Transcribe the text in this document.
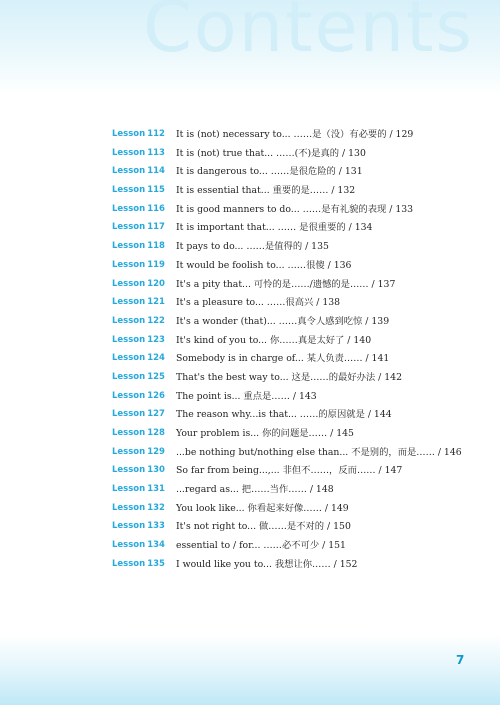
Contents
Lesson 112	It is (not) necessary to... ……是（没）有必要的 / 129
Lesson 113	It is (not) true that... ……(不)是真的 / 130
Lesson 114	It is dangerous to... ……是很危险的 / 131
Lesson 115	It is essential that... 重要的是…… / 132
Lesson 116	It is good manners to do... ……是有礼貌的表现 / 133
Lesson 117	It is important that... …… 是很重要的 / 134
Lesson 118	It pays to do... ……是值得的 / 135
Lesson 119	It would be foolish to... ……很傻 / 136
Lesson 120	It's a pity that... 可怜的是……/遗憾的是…… / 137
Lesson 121	It's a pleasure to... ……很高兴 / 138
Lesson 122	It's a wonder (that)... ……真令人感到吃惊 / 139
Lesson 123	It's kind of you to... 你……真是太好了 / 140
Lesson 124	Somebody is in charge of... 某人负责…… / 141
Lesson 125	That's the best way to... 这是……的最好办法 / 142
Lesson 126	The point is... 重点是…… / 143
Lesson 127	The reason why...is that... ……的原因就是 / 144
Lesson 128	Your problem is... 你的问题是…… / 145
Lesson 129	...be nothing but/nothing else than... 不是别的，而是…… / 146
Lesson 130	So far from being...,... 非但不……，反而…… / 147
Lesson 131	...regard as... 把……当作…… / 148
Lesson 132	You look like... 你看起来好像…… / 149
Lesson 133	It's not right to... 做……是不对的 / 150
Lesson 134	essential to / for... ……必不可少 / 151
Lesson 135	I would like you to... 我想让你…… / 152
7
